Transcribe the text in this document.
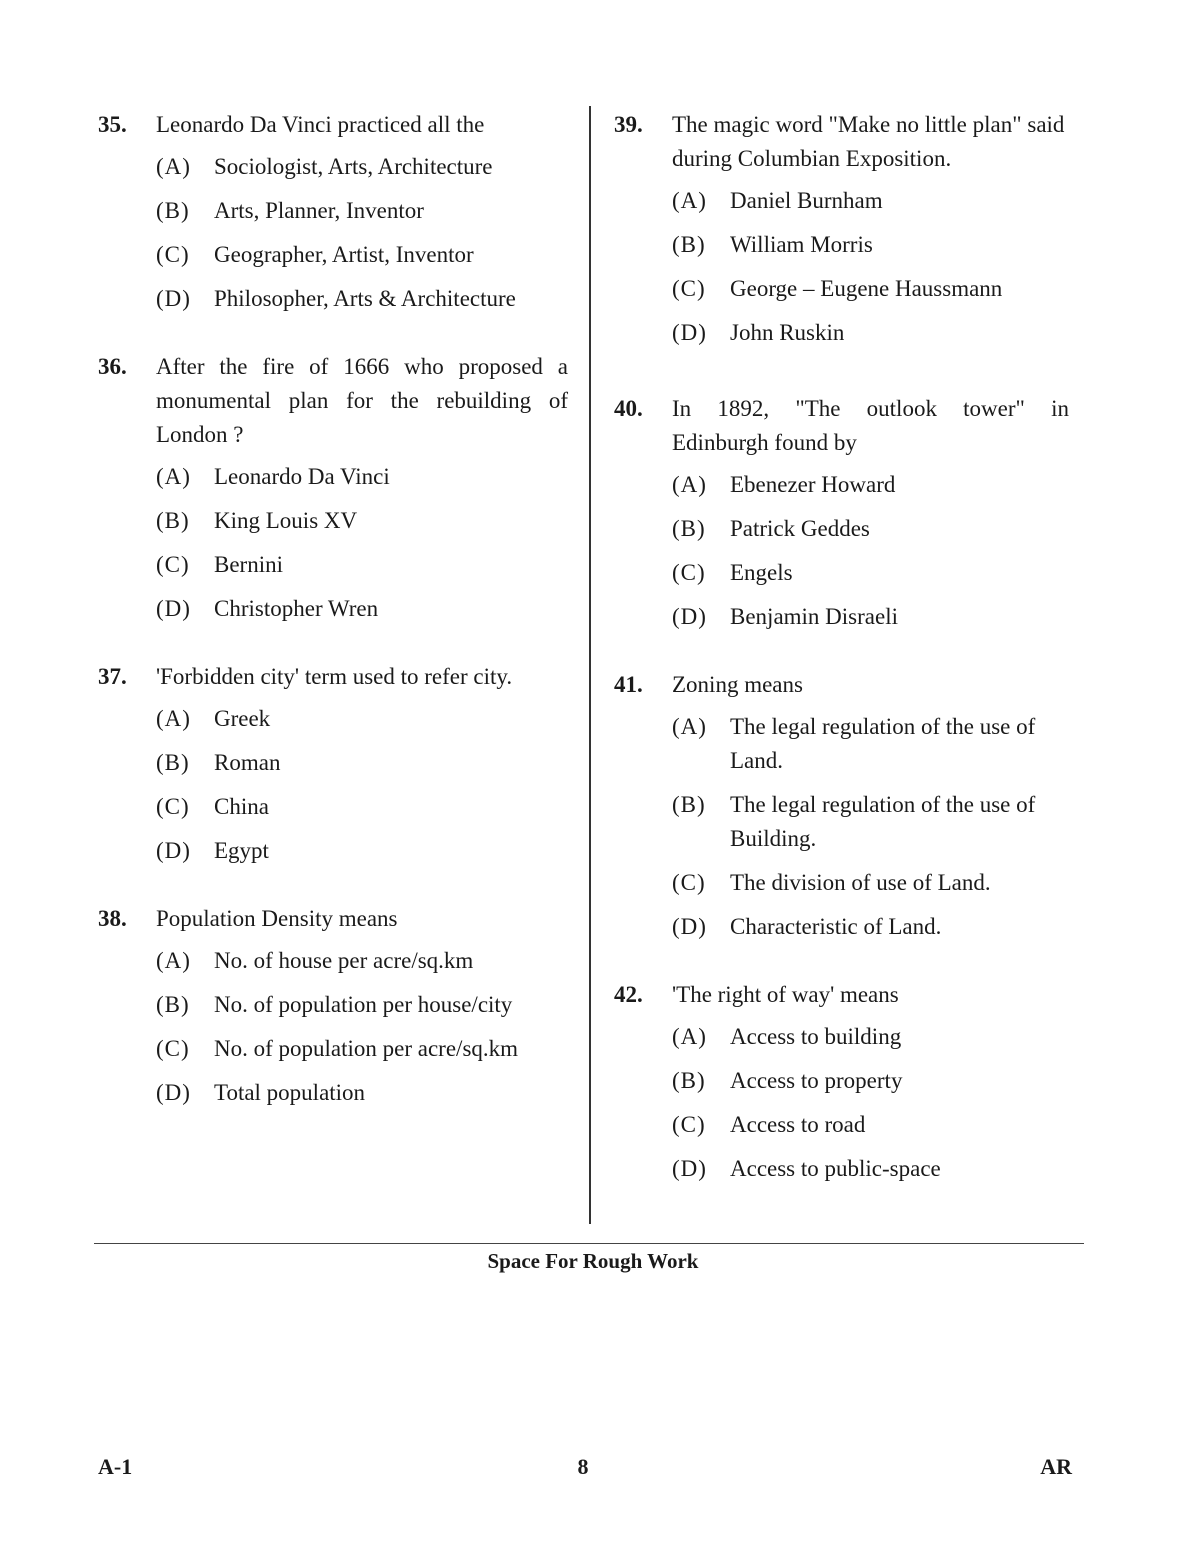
35. Leonardo Da Vinci practiced all the
(A) Sociologist, Arts, Architecture
(B) Arts, Planner, Inventor
(C) Geographer, Artist, Inventor
(D) Philosopher, Arts & Architecture
36. After the fire of 1666 who proposed a monumental plan for the rebuilding of London ?
(A) Leonardo Da Vinci
(B) King Louis XV
(C) Bernini
(D) Christopher Wren
37. 'Forbidden city' term used to refer city.
(A) Greek
(B) Roman
(C) China
(D) Egypt
38. Population Density means
(A) No. of house per acre/sq.km
(B) No. of population per house/city
(C) No. of population per acre/sq.km
(D) Total population
39. The magic word "Make no little plan" said during Columbian Exposition.
(A) Daniel Burnham
(B) William Morris
(C) George – Eugene Haussmann
(D) John Ruskin
40. In 1892, "The outlook tower" in Edinburgh found by
(A) Ebenezer Howard
(B) Patrick Geddes
(C) Engels
(D) Benjamin Disraeli
41. Zoning means
(A) The legal regulation of the use of Land.
(B) The legal regulation of the use of Building.
(C) The division of use of Land.
(D) Characteristic of Land.
42. 'The right of way' means
(A) Access to building
(B) Access to property
(C) Access to road
(D) Access to public-space
Space For Rough Work
A-1	8	AR
